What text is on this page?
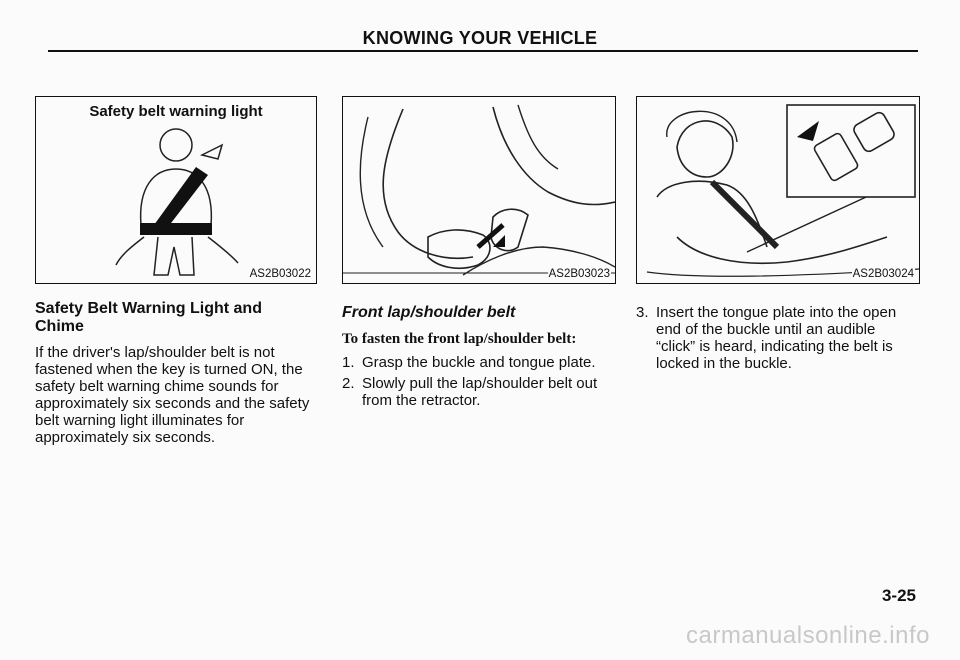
KNOWING YOUR VEHICLE
Safety belt warning light
AS2B03022	AS2B03023	AS2B03024
Safety Belt Warning Light and Chime

If the driver's lap/shoulder belt is not fastened when the key is turned ON, the safety belt warning chime sounds for approximately six seconds and the safety belt warning light illuminates for approximately six seconds.

Front lap/shoulder belt
To fasten the front lap/shoulder belt:
1. Grasp the buckle and tongue plate.
2. Slowly pull the lap/shoulder belt out from the retractor.
3. Insert the tongue plate into the open end of the buckle until an audible “click” is heard, indicating the belt is locked in the buckle.
3-25
carmanualsonline.info
